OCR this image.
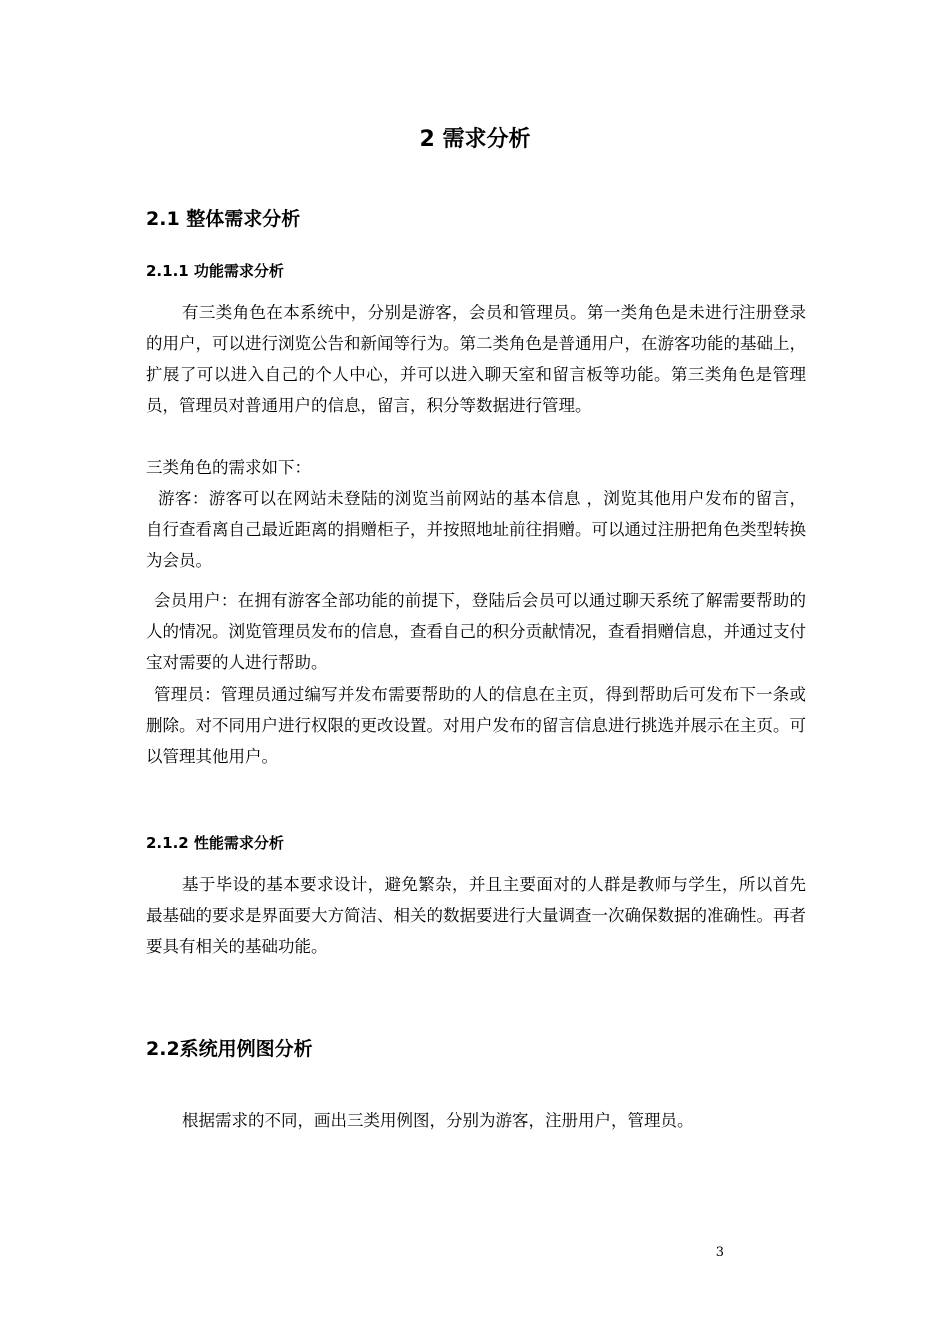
2 需求分析
2.1 整体需求分析
2.1.1 功能需求分析

有三类角色在本系统中，分别是游客，会员和管理员。第一类角色是未进行注册登录的用户，可以进行浏览公告和新闻等行为。第二类角色是普通用户，在游客功能的基础上，扩展了可以进入自己的个人中心，并可以进入聊天室和留言板等功能。第三类角色是管理员，管理员对普通用户的信息，留言，积分等数据进行管理。

三类角色的需求如下：

游客：游客可以在网站未登陆的浏览当前网站的基本信息 ，浏览其他用户发布的留言，自行查看离自己最近距离的捐赠柜子，并按照地址前往捐赠。可以通过注册把角色类型转换为会员。

会员用户：在拥有游客全部功能的前提下，登陆后会员可以通过聊天系统了解需要帮助的人的情况。浏览管理员发布的信息，查看自己的积分贡献情况，查看捐赠信息，并通过支付宝对需要的人进行帮助。

管理员：管理员通过编写并发布需要帮助的人的信息在主页，得到帮助后可发布下一条或删除。对不同用户进行权限的更改设置。对用户发布的留言信息进行挑选并展示在主页。可以管理其他用户。

2.1.2 性能需求分析

基于毕设的基本要求设计，避免繁杂，并且主要面对的人群是教师与学生，所以首先最基础的要求是界面要大方简洁、相关的数据要进行大量调查一次确保数据的准确性。再者要具有相关的基础功能。

2.2系统用例图分析

根据需求的不同，画出三类用例图，分别为游客，注册用户，管理员。

3
